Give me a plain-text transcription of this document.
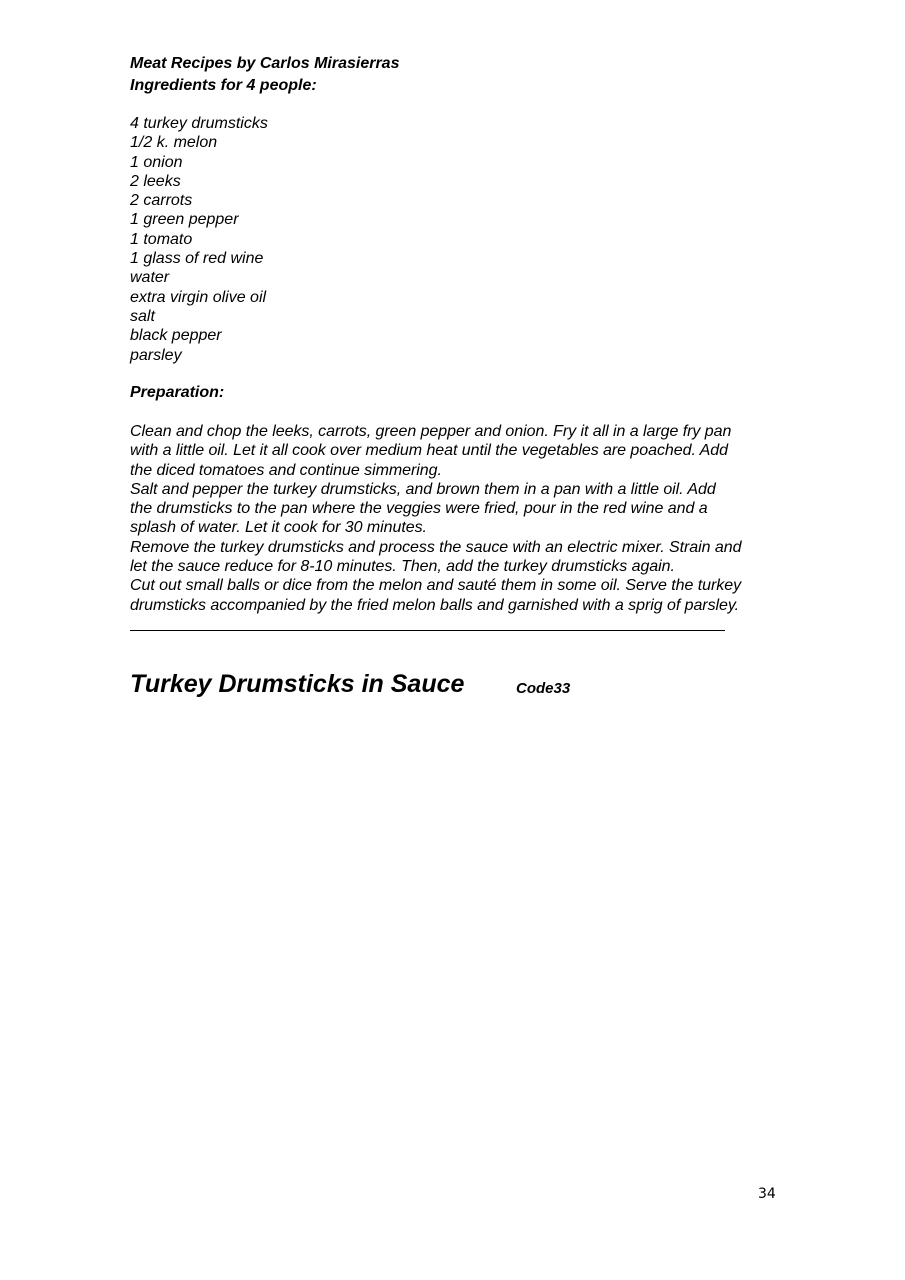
Meat Recipes by Carlos Mirasierras
Ingredients for 4 people:
4 turkey drumsticks
1/2 k. melon
1 onion
2 leeks
2 carrots
1 green pepper
1 tomato
1 glass of red wine
water
extra virgin olive oil
salt
black pepper
parsley
Preparation:
Clean and chop the leeks, carrots, green pepper and onion. Fry it all in a large fry pan
with a little oil. Let it all cook over medium heat until the vegetables are poached. Add
the diced tomatoes and continue simmering.
Salt and pepper the turkey drumsticks, and brown them in a pan with a little oil. Add
the drumsticks to the pan where the veggies were fried, pour in the red wine and a
splash of water. Let it cook for 30 minutes.
Remove the turkey drumsticks and process the sauce with an electric mixer. Strain and
let the sauce reduce for 8-10 minutes. Then, add the turkey drumsticks again.
Cut out small balls or dice from the melon and sauté them in some oil. Serve the turkey
drumsticks accompanied by the fried melon balls and garnished with a sprig of parsley.
Turkey Drumsticks in Sauce	Code33
34
